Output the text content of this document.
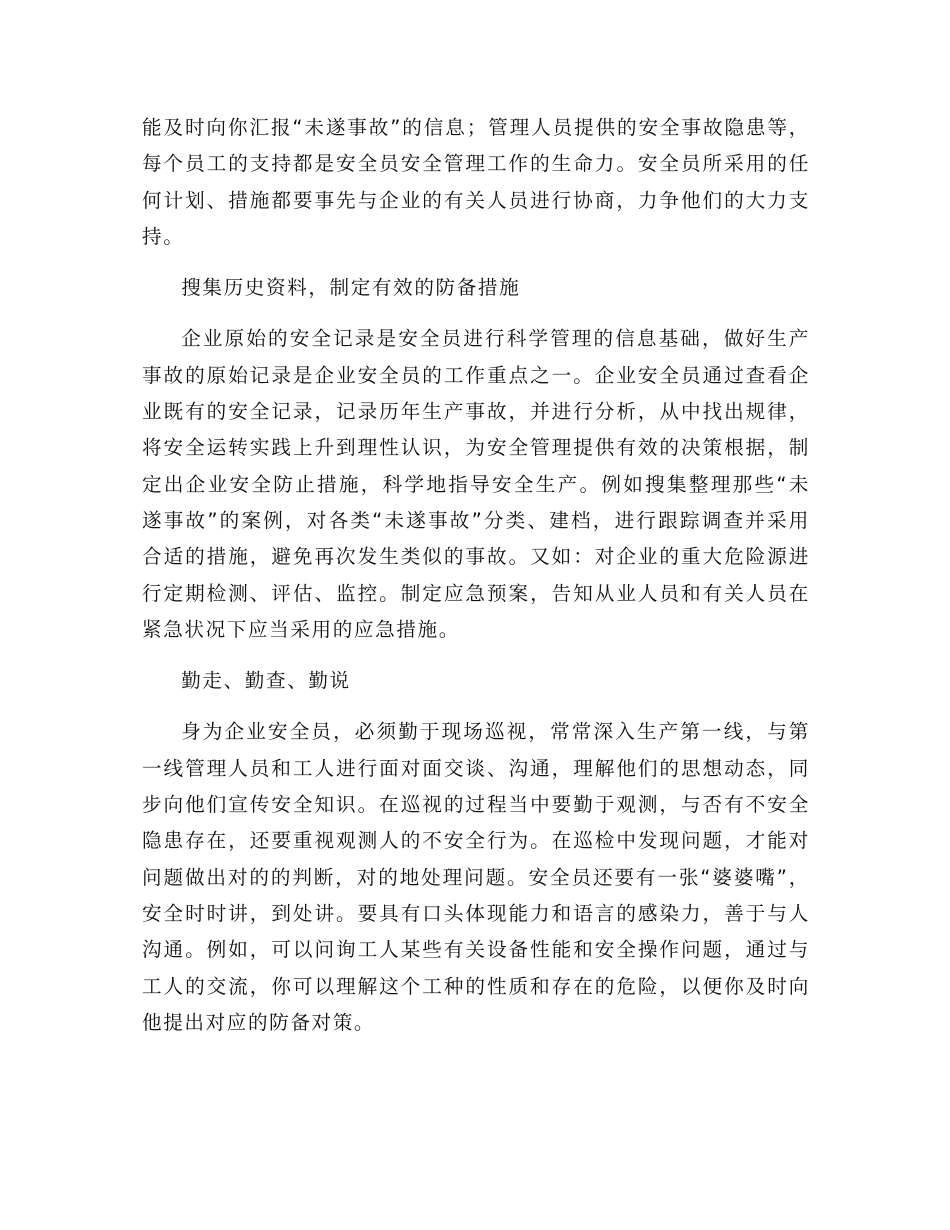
能及时向你汇报“未遂事故”的信息；管理人员提供的安全事故隐患等，每个员工的支持都是安全员安全管理工作的生命力。安全员所采用的任何计划、措施都要事先与企业的有关人员进行协商，力争他们的大力支持。

搜集历史资料，制定有效的防备措施

企业原始的安全记录是安全员进行科学管理的信息基础，做好生产事故的原始记录是企业安全员的工作重点之一。企业安全员通过查看企业既有的安全记录，记录历年生产事故，并进行分析，从中找出规律，将安全运转实践上升到理性认识，为安全管理提供有效的决策根据，制定出企业安全防止措施，科学地指导安全生产。例如搜集整理那些“未遂事故”的案例，对各类“未遂事故”分类、建档，进行跟踪调查并采用合适的措施，避免再次发生类似的事故。又如：对企业的重大危险源进行定期检测、评估、监控。制定应急预案，告知从业人员和有关人员在紧急状况下应当采用的应急措施。

勤走、勤查、勤说

身为企业安全员，必须勤于现场巡视，常常深入生产第一线，与第一线管理人员和工人进行面对面交谈、沟通，理解他们的思想动态，同步向他们宣传安全知识。在巡视的过程当中要勤于观测，与否有不安全隐患存在，还要重视观测人的不安全行为。在巡检中发现问题，才能对问题做出对的的判断，对的地处理问题。安全员还要有一张“婆婆嘴”，安全时时讲，到处讲。要具有口头体现能力和语言的感染力，善于与人沟通。例如，可以问询工人某些有关设备性能和安全操作问题，通过与工人的交流，你可以理解这个工种的性质和存在的危险，以便你及时向他提出对应的防备对策。
